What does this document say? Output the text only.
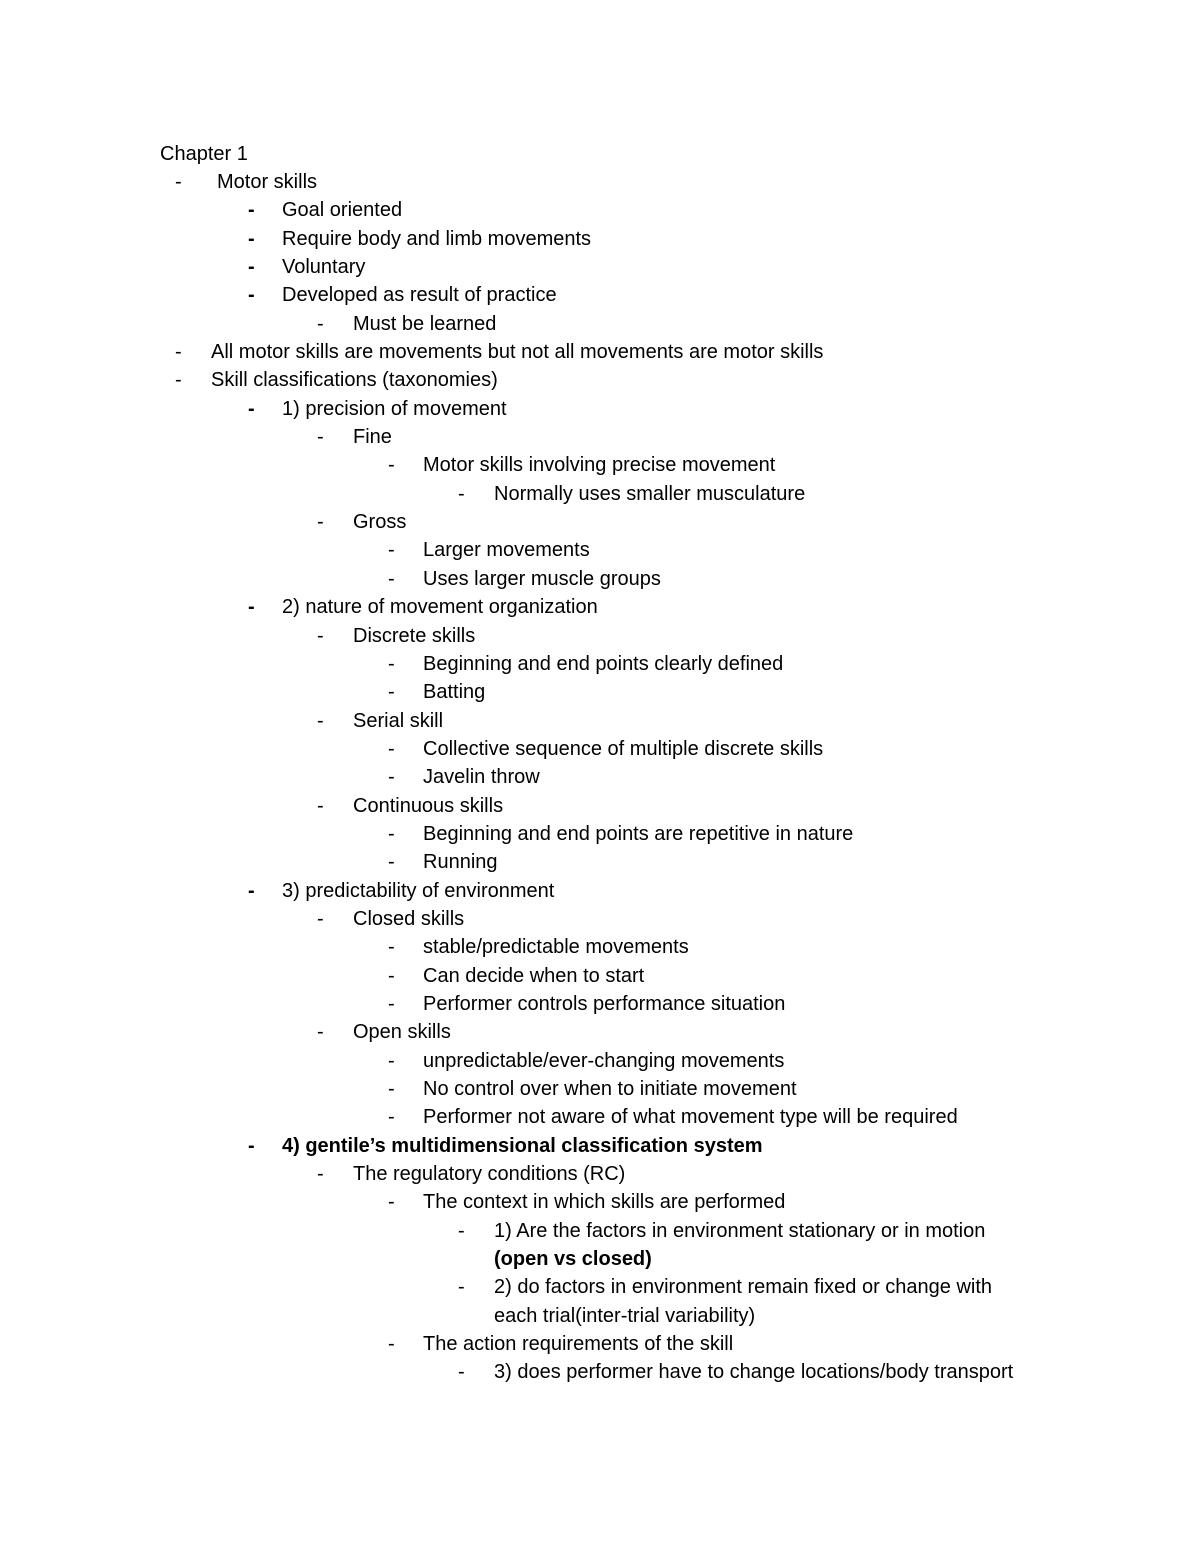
Chapter 1
-	Motor skills
-	Goal oriented
-	Require body and limb movements
-	Voluntary
-	Developed as result of practice
-	Must be learned
-	All motor skills are movements but not all movements are motor skills
-	Skill classifications (taxonomies)
-	1) precision of movement
-	Fine
-	Motor skills involving precise movement
-	Normally uses smaller musculature
-	Gross
-	Larger movements
-	Uses larger muscle groups
-	2) nature of movement organization
-	Discrete skills
-	Beginning and end points clearly defined
-	Batting
-	Serial skill
-	Collective sequence of multiple discrete skills
-	Javelin throw
-	Continuous skills
-	Beginning and end points are repetitive in nature
-	Running
-	3) predictability of environment
-	Closed skills
-	stable/predictable movements
-	Can decide when to start
-	Performer controls performance situation
-	Open skills
-	unpredictable/ever-changing movements
-	No control over when to initiate movement
-	Performer not aware of what movement type will be required
-	4) gentile’s multidimensional classification system
-	The regulatory conditions (RC)
-	The context in which skills are performed
-	1) Are the factors in environment stationary or in motion
(open vs closed)
-	2) do factors in environment remain fixed or change with
each trial(inter-trial variability)
-	The action requirements of the skill
-	3) does performer have to change locations/body transport
